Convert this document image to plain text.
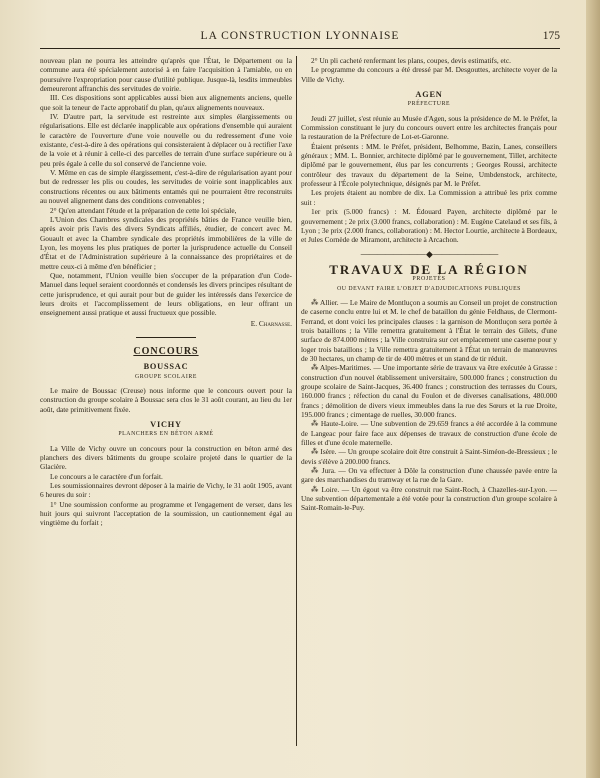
LA CONSTRUCTION LYONNAISE	175

nouveau plan ne pourra les atteindre qu'après que l'État, le Département ou la commune aura été spécialement autorisé à en faire l'acquisition à l'amiable, ou en poursuivre l'expropriation pour cause d'utilité publique. Jusque-là, lesdits immeubles demeureront affranchis des servitudes de voirie.

III. Ces dispositions sont applicables aussi bien aux alignements anciens, quelle que soit la teneur de l'acte approbatif du plan, qu'aux alignements nouveaux.

IV. D'autre part, la servitude est restreinte aux simples élargissements ou régularisations. Elle est déclarée inapplicable aux opérations d'ensemble qui auraient le caractère de l'ouverture d'une voie nouvelle ou du redressement d'une voie existante, c'est-à-dire à des opérations qui consisteraient à déplacer ou à rectifier l'axe de la voie et à réunir à celle-ci des parcelles de terrain d'une surface supérieure ou à peu près égale à celle du sol conservé de l'ancienne voie.

V. Même en cas de simple élargissement, c'est-à-dire de régularisation ayant pour but de redresser les plis ou coudes, les servitudes de voirie sont inapplicables aux constructions récentes ou aux bâtiments entamés qui ne pourraient être reconstruits au nouvel alignement dans des conditions convenables ;

2° Qu'en attendant l'étude et la préparation de cette loi spéciale,

L'Union des Chambres syndicales des propriétés bâties de France veuille bien, après avoir pris l'avis des divers Syndicats affiliés, étudier, de concert avec M. Gouault et avec la Chambre syndicale des propriétés immobilières de la ville de Lyon, les moyens les plus pratiques de porter la jurisprudence actuelle du Conseil d'État et de l'Administration supérieure à la connaissance des propriétaires et de mettre ceux-ci à même d'en bénéficier ;

Que, notamment, l'Union veuille bien s'occuper de la préparation d'un Code-Manuel dans lequel seraient coordonnés et condensés les divers principes résultant de cette jurisprudence, et qui aurait pour but de guider les intéressés dans l'exercice de leurs droits et l'accomplissement de leurs obligations, en leur offrant un enseignement aussi pratique et aussi fructueux que possible.

E. Charnasse.
CONCOURS
BOUSSAC
GROUPE SCOLAIRE

Le maire de Boussac (Creuse) nous informe que le concours ouvert pour la construction du groupe scolaire à Boussac sera clos le 31 août courant, au lieu du 1er août, date primitivement fixée.

VICHY
PLANCHERS EN BÉTON ARMÉ

La Ville de Vichy ouvre un concours pour la construction en béton armé des planchers des divers bâtiments du groupe scolaire projeté dans le quartier de la Glacière.

Le concours a le caractère d'un forfait.

Les soumissionnaires devront déposer à la mairie de Vichy, le 31 août 1905, avant 6 heures du soir :

1° Une soumission conforme au programme et l'engagement de verser, dans les huit jours qui suivront l'acceptation de la soumission, un cautionnement égal au vingtième du forfait ;

2° Un pli cacheté renfermant les plans, coupes, devis estimatifs, etc.

Le programme du concours a été dressé par M. Desgouttes, architecte voyer de la Ville de Vichy.

AGEN
PRÉFECTURE

Jeudi 27 juillet, s'est réunie au Musée d'Agen, sous la présidence de M. le Préfet, la Commission constituant le jury du concours ouvert entre les architectes français pour la restauration de la Préfecture de Lot-et-Garonne.

Étaient présents : MM. le Préfet, président, Belhomme, Bazin, Lanes, conseillers généraux ; MM. L. Bonnier, architecte diplômé par le gouvernement, Tillet, architecte diplômé par le gouvernement, élus par les concurrents ; Georges Roussi, architecte contrôleur des travaux du département de la Seine, Umbdenstock, architecte, professeur à l'École polytechnique, désignés par M. le Préfet.

Les projets étaient au nombre de dix. La Commission a attribué les prix comme suit :

1er prix (5.000 francs) : M. Édouard Payen, architecte diplômé par le gouvernement ; 2e prix (3.000 francs, collaboration) : M. Eugène Catelaud et ses fils, à Lyon ; 3e prix (2.000 francs, collaboration) : M. Hector Lourtie, architecte à Bordeaux, et Jules Cornède de Miramont, architecte à Arcachon.

———————— ◆ ————————
TRAVAUX DE LA RÉGION
PROJETÉS
OU DEVANT FAIRE L'OBJET D'ADJUDICATIONS PUBLIQUES

⁂ Allier. — Le Maire de Montluçon a soumis au Conseil un projet de construction de caserne conclu entre lui et M. le chef de bataillon du génie Feldhaus, de Clermont-Ferrand, et dont voici les principales clauses : la garnison de Montluçon sera portée à trois bataillons ; la Ville remettra gratuitement à l'État le terrain des Gilets, d'une surface de 874.000 mètres ; la Ville construira sur cet emplacement une caserne pour y loger trois bataillons ; la Ville remettra gratuitement à l'État un terrain de manœuvres de 30 hectares, un champ de tir de 400 mètres et un stand de tir réduit.

⁂ Alpes-Maritimes. — Une importante série de travaux va être exécutée à Grasse : construction d'un nouvel établissement universitaire, 500.000 francs ; construction du groupe scolaire de Saint-Jacques, 36.400 francs ; construction des terrasses du Cours, 160.000 francs ; réfection du canal du Foulon et de diverses canalisations, 480.000 francs ; démolition de divers vieux immeubles dans la rue des Sœurs et la rue Droite, 195.000 francs ; cimentage de ruelles, 30.000 francs.

⁂ Haute-Loire. — Une subvention de 29.659 francs a été accordée à la commune de Langeac pour faire face aux dépenses de travaux de construction d'une école de filles et d'une école maternelle.

⁂ Isère. — Un groupe scolaire doit être construit à Saint-Siméon-de-Bressieux ; le devis s'élève à 200.000 francs.

⁂ Jura. — On va effectuer à Dôle la construction d'une chaussée pavée entre la gare des marchandises du tramway et la rue de la Gare.

⁂ Loire. — Un égout va être construit rue Saint-Roch, à Chazelles-sur-Lyon. — Une subvention départementale a été votée pour la construction d'un groupe scolaire à Saint-Romain-le-Puy.
